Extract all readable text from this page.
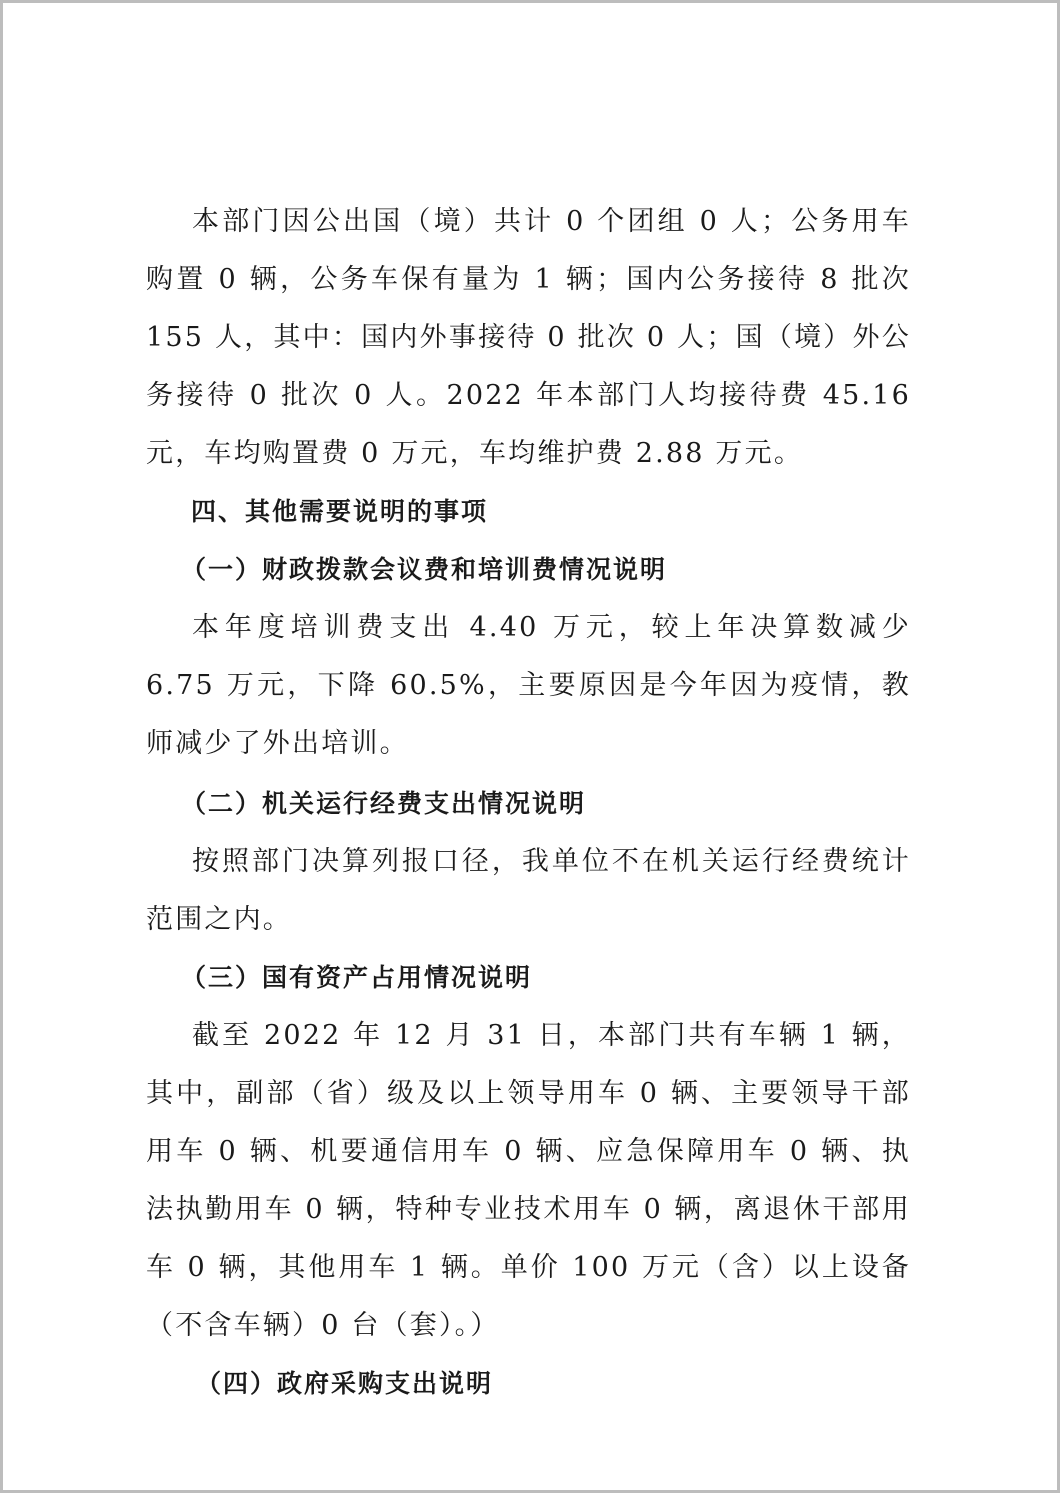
本部门因公出国（境）共计 0 个团组 0 人；公务用车购置 0 辆，公务车保有量为 1 辆；国内公务接待 8 批次 155 人，其中：国内外事接待 0 批次 0 人；国（境）外公务接待 0 批次 0 人。2022 年本部门人均接待费 45.16 元，车均购置费 0 万元，车均维护费 2.88 万元。

四、其他需要说明的事项

（一）财政拨款会议费和培训费情况说明

本年度培训费支出 4.40 万元，较上年决算数减少 6.75 万元，下降 60.5%，主要原因是今年因为疫情，教师减少了外出培训。

（二）机关运行经费支出情况说明

按照部门决算列报口径，我单位不在机关运行经费统计范围之内。

（三）国有资产占用情况说明

截至 2022 年 12 月 31 日，本部门共有车辆 1 辆，其中，副部（省）级及以上领导用车 0 辆、主要领导干部用车 0 辆、机要通信用车 0 辆、应急保障用车 0 辆、执法执勤用车 0 辆，特种专业技术用车 0 辆，离退休干部用车 0 辆，其他用车 1 辆。单价 100 万元（含）以上设备（不含车辆）0 台（套）。）

（四）政府采购支出说明
